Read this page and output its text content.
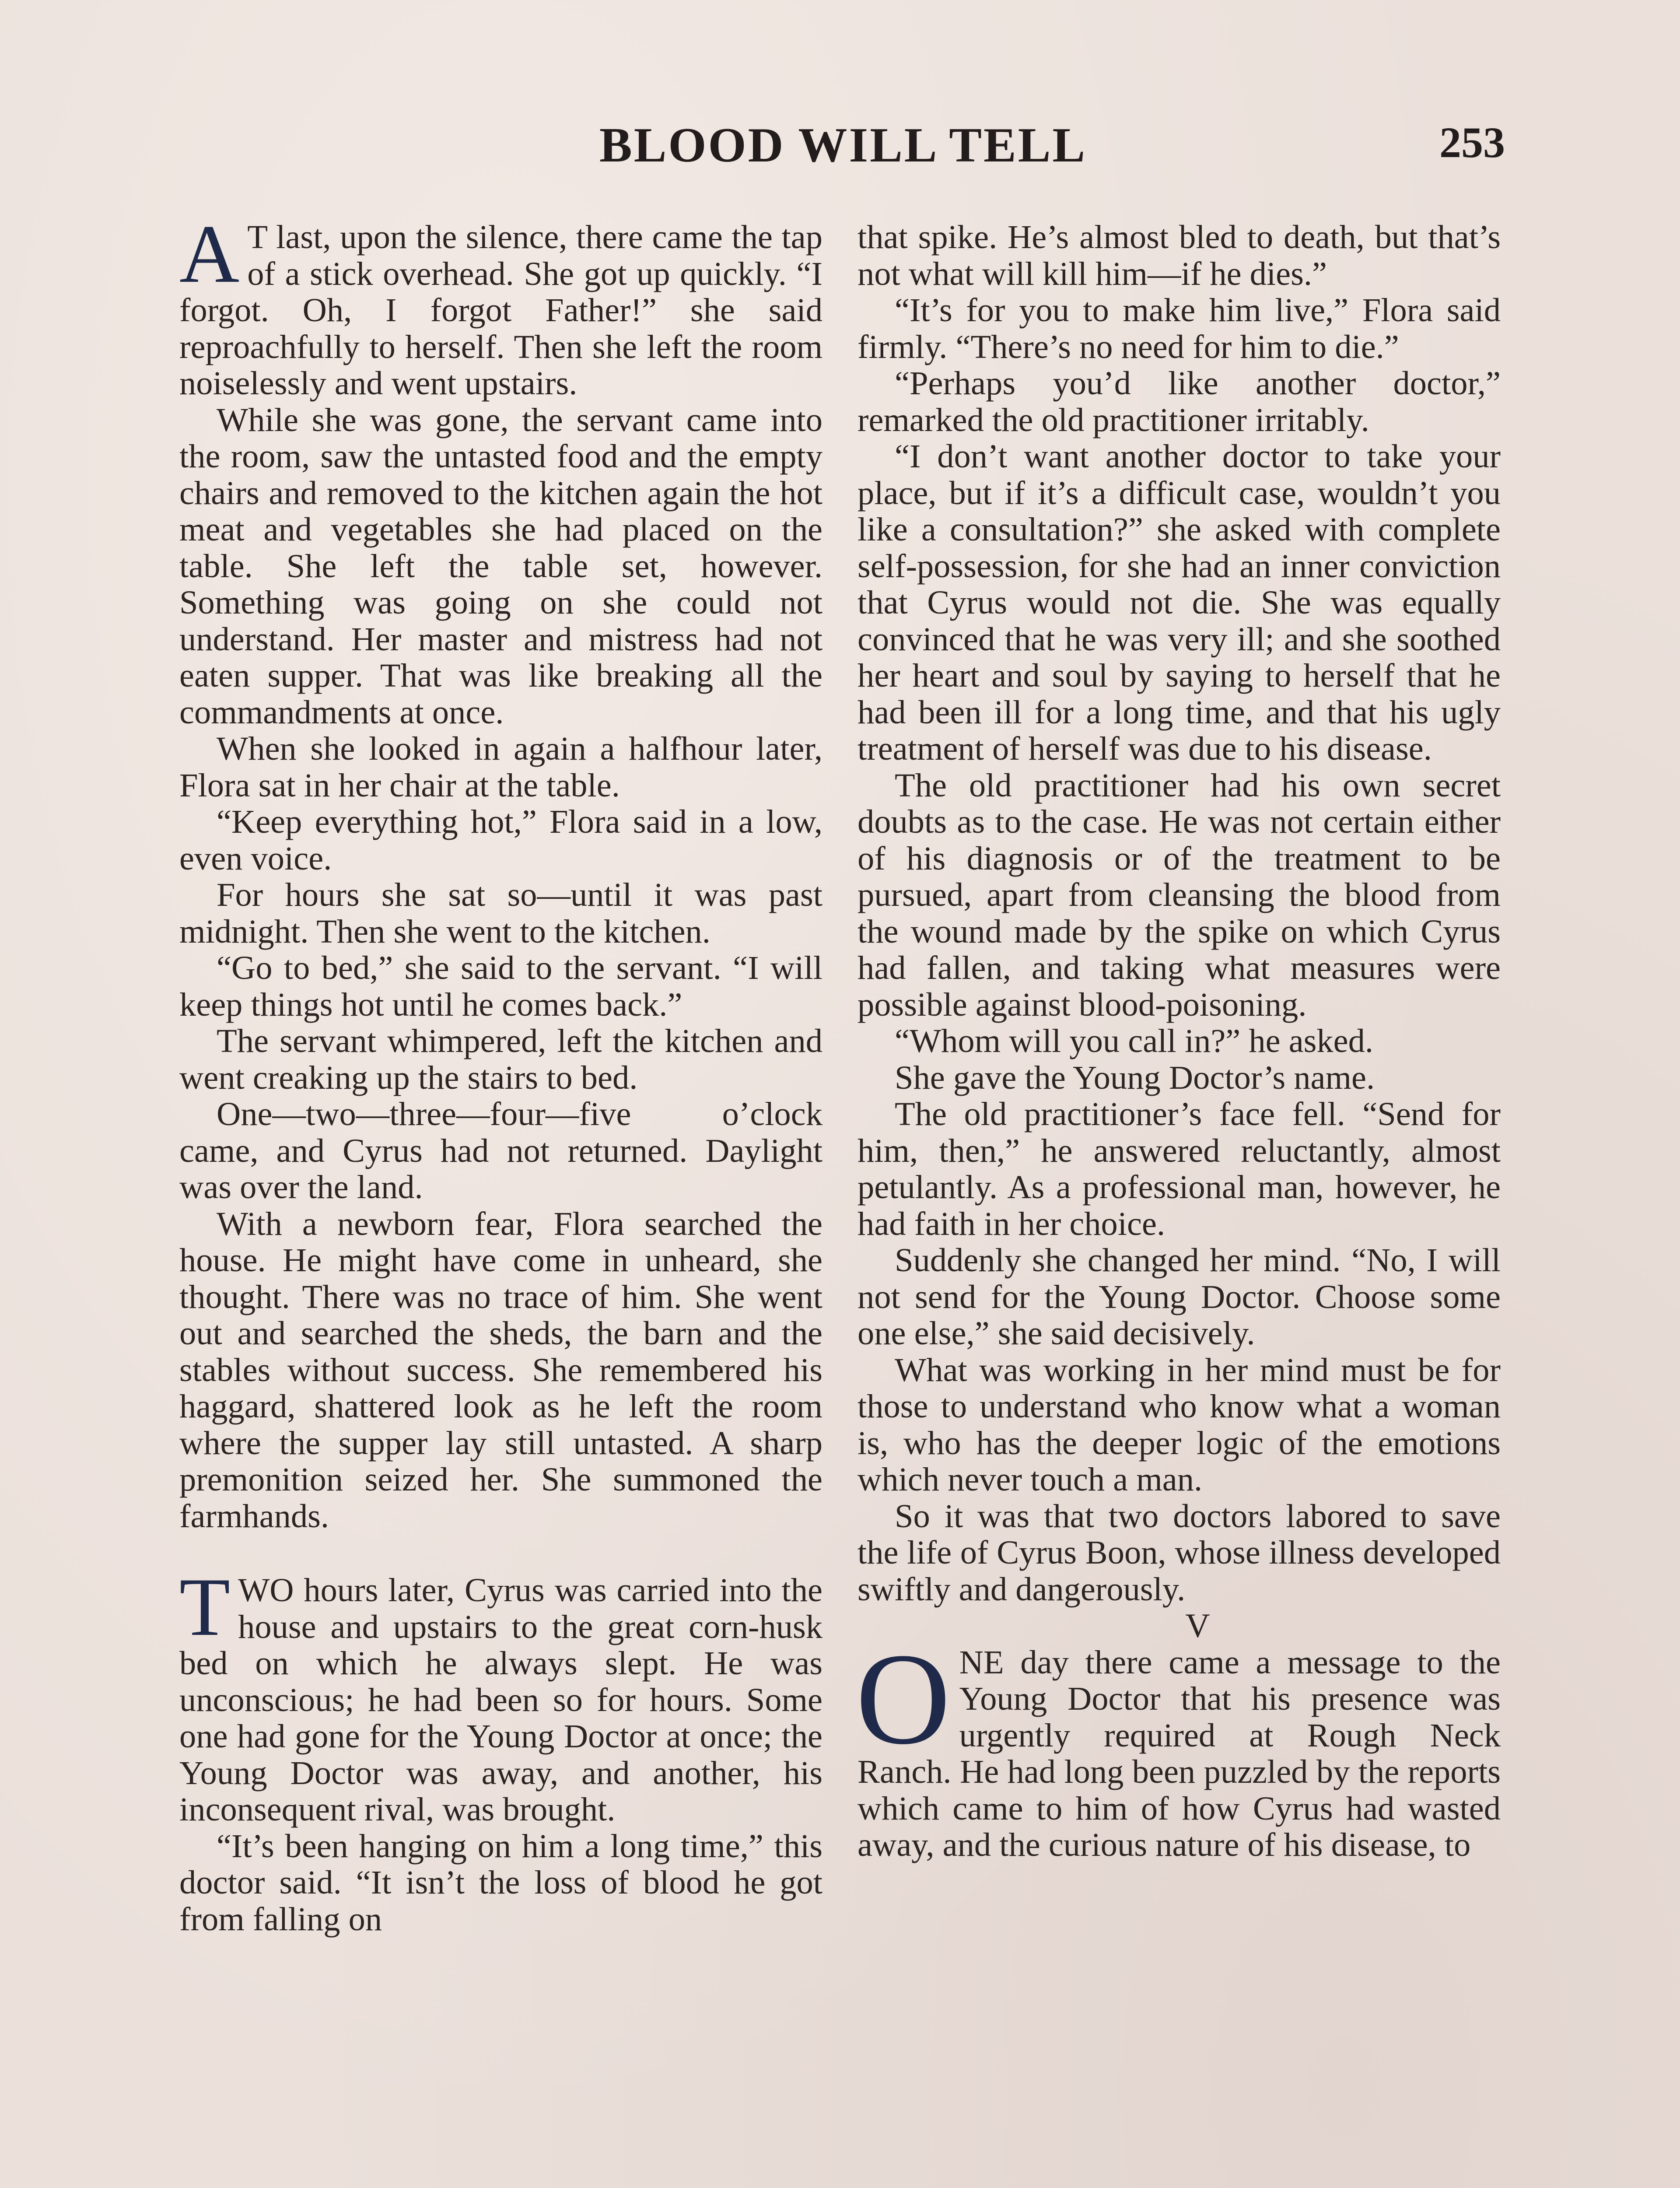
BLOOD WILL TELL	253

A T last, upon the silence, there came the tap of a stick overhead. She got up quickly. “I forgot. Oh, I forgot Father!” she said reproachfully to herself. Then she left the room noiselessly and went upstairs.

While she was gone, the servant came into the room, saw the untasted food and the empty chairs and removed to the kitchen again the hot meat and vegetables she had placed on the table. She left the table set, however. Something was going on she could not understand. Her master and mistress had not eaten supper. That was like breaking all the commandments at once.

When she looked in again a halfhour later, Flora sat in her chair at the table.

“Keep everything hot,” Flora said in a low, even voice.

For hours she sat so—until it was past midnight. Then she went to the kitchen.

“Go to bed,” she said to the servant. “I will keep things hot until he comes back.”

The servant whimpered, left the kitchen and went creaking up the stairs to bed.

One—two—three—four—five o’clock came, and Cyrus had not returned. Daylight was over the land.

With a newborn fear, Flora searched the house. He might have come in unheard, she thought. There was no trace of him. She went out and searched the sheds, the barn and the stables without success. She remembered his haggard, shattered look as he left the room where the supper lay still untasted. A sharp premonition seized her. She summoned the farmhands.

TWO hours later, Cyrus was carried into the house and upstairs to the great corn-husk bed on which he always slept. He was unconscious; he had been so for hours. Some one had gone for the Young Doctor at once; the Young Doctor was away, and another, his inconsequent rival, was brought.

“It’s been hanging on him a long time,” this doctor said. “It isn’t the loss of blood he got from falling on

that spike. He’s almost bled to death, but that’s not what will kill him—if he dies.”

“It’s for you to make him live,” Flora said firmly. “There’s no need for him to die.”

“Perhaps you’d like another doctor,” remarked the old practitioner irritably.

“I don’t want another doctor to take your place, but if it’s a difficult case, wouldn’t you like a consultation?” she asked with complete self-possession, for she had an inner conviction that Cyrus would not die. She was equally convinced that he was very ill; and she soothed her heart and soul by saying to herself that he had been ill for a long time, and that his ugly treatment of herself was due to his disease.

The old practitioner had his own secret doubts as to the case. He was not certain either of his diagnosis or of the treatment to be pursued, apart from cleansing the blood from the wound made by the spike on which Cyrus had fallen, and taking what measures were possible against blood-poisoning.

“Whom will you call in?” he asked.

She gave the Young Doctor’s name.

The old practitioner’s face fell. “Send for him, then,” he answered reluctantly, almost petulantly. As a professional man, however, he had faith in her choice.

Suddenly she changed her mind. “No, I will not send for the Young Doctor. Choose some one else,” she said decisively.

What was working in her mind must be for those to understand who know what a woman is, who has the deeper logic of the emotions which never touch a man.

So it was that two doctors labored to save the life of Cyrus Boon, whose illness developed swiftly and dangerously.

V

ONE day there came a message to the Young Doctor that his presence was urgently required at Rough Neck Ranch. He had long been puzzled by the reports which came to him of how Cyrus had wasted away, and the curious nature of his disease, to
